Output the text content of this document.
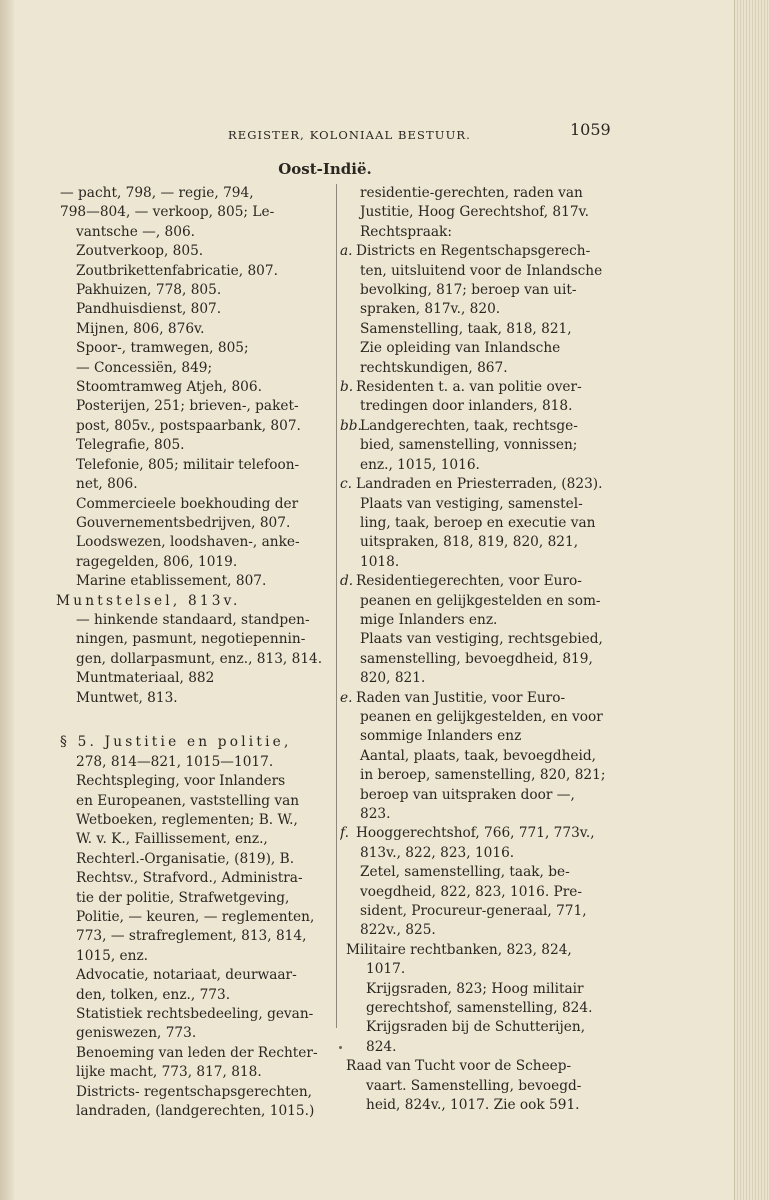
REGISTER, KOLONIAAL BESTUUR.	1059
Oost-Indië.
— pacht, 798, — regie, 794,
798—804, — verkoop, 805; Le-
vantsche —, 806.
Zoutverkoop, 805.
Zoutbrikettenfabricatie, 807.
Pakhuizen, 778, 805.
Pandhuisdienst, 807.
Mijnen, 806, 876v.
Spoor-, tramwegen, 805;
— Concessiën, 849;
Stoomtramweg Atjeh, 806.
Posterijen, 251; brieven-, paket-
post, 805v., postspaarbank, 807.
Telegrafie, 805.
Telefonie, 805; militair telefoon-
net, 806.
Commercieele boekhouding der
Gouvernementsbedrijven, 807.
Loodswezen, loodshaven-, anke-
ragegelden, 806, 1019.
Marine etablissement, 807.
Muntstelsel, 813v.
— hinkende standaard, standpen-
ningen, pasmunt, negotiepennin-
gen, dollarpasmunt, enz., 813, 814.
Muntmateriaal, 882
Muntwet, 813.
§ 5. Justitie en politie,
278, 814—821, 1015—1017.
Rechtspleging, voor Inlanders
en Europeanen, vaststelling van
Wetboeken, reglementen; B. W.,
W. v. K., Faillissement, enz.,
Rechterl.-Organisatie, (819), B.
Rechtsv., Strafvord., Administra-
tie der politie, Strafwetgeving,
Politie, — keuren, — reglementen,
773, — strafreglement, 813, 814,
1015, enz.
Advocatie, notariaat, deurwaar-
den, tolken, enz., 773.
Statistiek rechtsbedeeling, gevan-
geniswezen, 773.
Benoeming van leden der Rechter-
lijke macht, 773, 817, 818.
Districts- regentschapsgerechten,
landraden, (landgerechten, 1015.)
residentie-gerechten, raden van
Justitie, Hoog Gerechtshof, 817v.
Rechtspraak:
a. Districts en Regentschapsgerech-
ten, uitsluitend voor de Inlandsche
bevolking, 817; beroep van uit-
spraken, 817v., 820.
Samenstelling, taak, 818, 821,
Zie opleiding van Inlandsche
rechtskundigen, 867.
b. Residenten t. a. van politie over-
tredingen door inlanders, 818.
bb.Landgerechten, taak, rechtsge-
bied, samenstelling, vonnissen;
enz., 1015, 1016.
c. Landraden en Priesterraden, (823).
Plaats van vestiging, samenstel-
ling, taak, beroep en executie van
uitspraken, 818, 819, 820, 821,
1018.
d. Residentiegerechten, voor Euro-
peanen en gelijkgestelden en som-
mige Inlanders enz.
Plaats van vestiging, rechtsgebied,
samenstelling, bevoegdheid, 819,
820, 821.
e. Raden van Justitie, voor Euro-
peanen en gelijkgestelden, en voor
sommige Inlanders enz
Aantal, plaats, taak, bevoegdheid,
in beroep, samenstelling, 820, 821;
beroep van uitspraken door —,
823.
f. Hooggerechtshof, 766, 771, 773v.,
813v., 822, 823, 1016.
Zetel, samenstelling, taak, be-
voegdheid, 822, 823, 1016. Pre-
sident, Procureur-generaal, 771,
822v., 825.
Militaire rechtbanken, 823, 824,
1017.
Krijgsraden, 823; Hoog militair
gerechtshof, samenstelling, 824.
Krijgsraden bij de Schutterijen,
824.
Raad van Tucht voor de Scheep-
vaart. Samenstelling, bevoegd-
heid, 824v., 1017. Zie ook 591.
